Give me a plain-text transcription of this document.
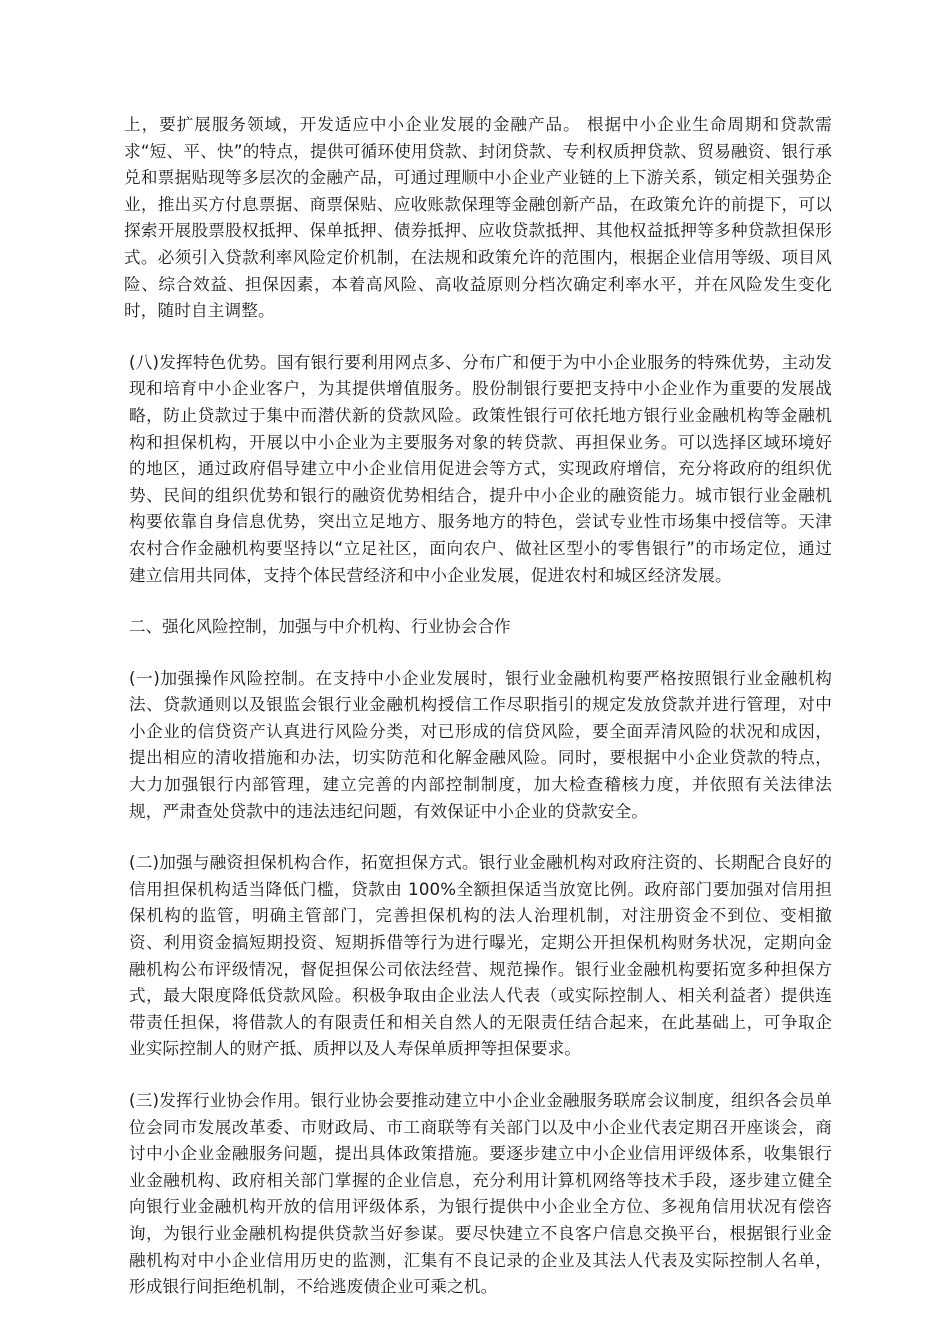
上，要扩展服务领域，开发适应中小企业发展的金融产品。 根据中小企业生命周期和贷款需求“短、平、快”的特点，提供可循环使用贷款、封闭贷款、专利权质押贷款、贸易融资、银行承兑和票据贴现等多层次的金融产品，可通过理顺中小企业产业链的上下游关系，锁定相关强势企业，推出买方付息票据、商票保贴、应收账款保理等金融创新产品，在政策允许的前提下，可以探索开展股票股权抵押、保单抵押、债券抵押、应收贷款抵押、其他权益抵押等多种贷款担保形式。必须引入贷款利率风险定价机制，在法规和政策允许的范围内，根据企业信用等级、项目风险、综合效益、担保因素，本着高风险、高收益原则分档次确定利率水平，并在风险发生变化时，随时自主调整。

(八)发挥特色优势。国有银行要利用网点多、分布广和便于为中小企业服务的特殊优势，主动发现和培育中小企业客户，为其提供增值服务。股份制银行要把支持中小企业作为重要的发展战略，防止贷款过于集中而潜伏新的贷款风险。政策性银行可依托地方银行业金融机构等金融机构和担保机构，开展以中小企业为主要服务对象的转贷款、再担保业务。可以选择区域环境好的地区，通过政府倡导建立中小企业信用促进会等方式，实现政府增信，充分将政府的组织优势、民间的组织优势和银行的融资优势相结合，提升中小企业的融资能力。城市银行业金融机构要依靠自身信息优势，突出立足地方、服务地方的特色，尝试专业性市场集中授信等。天津农村合作金融机构要坚持以“立足社区，面向农户、做社区型小的零售银行”的市场定位，通过建立信用共同体，支持个体民营经济和中小企业发展，促进农村和城区经济发展。

二、强化风险控制，加强与中介机构、行业协会合作

(一)加强操作风险控制。在支持中小企业发展时，银行业金融机构要严格按照银行业金融机构法、贷款通则以及银监会银行业金融机构授信工作尽职指引的规定发放贷款并进行管理，对中小企业的信贷资产认真进行风险分类，对已形成的信贷风险，要全面弄清风险的状况和成因，提出相应的清收措施和办法，切实防范和化解金融风险。同时，要根据中小企业贷款的特点，大力加强银行内部管理，建立完善的内部控制制度，加大检查稽核力度，并依照有关法律法规，严肃查处贷款中的违法违纪问题，有效保证中小企业的贷款安全。

(二)加强与融资担保机构合作，拓宽担保方式。银行业金融机构对政府注资的、长期配合良好的信用担保机构适当降低门槛，贷款由 100%全额担保适当放宽比例。政府部门要加强对信用担保机构的监管，明确主管部门，完善担保机构的法人治理机制，对注册资金不到位、变相撤资、利用资金搞短期投资、短期拆借等行为进行曝光，定期公开担保机构财务状况，定期向金融机构公布评级情况，督促担保公司依法经营、规范操作。银行业金融机构要拓宽多种担保方式，最大限度降低贷款风险。积极争取由企业法人代表（或实际控制人、相关利益者）提供连带责任担保，将借款人的有限责任和相关自然人的无限责任结合起来，在此基础上，可争取企业实际控制人的财产抵、质押以及人寿保单质押等担保要求。

(三)发挥行业协会作用。银行业协会要推动建立中小企业金融服务联席会议制度，组织各会员单位会同市发展改革委、市财政局、市工商联等有关部门以及中小企业代表定期召开座谈会，商讨中小企业金融服务问题，提出具体政策措施。要逐步建立中小企业信用评级体系，收集银行业金融机构、政府相关部门掌握的企业信息，充分利用计算机网络等技术手段，逐步建立健全向银行业金融机构开放的信用评级体系，为银行提供中小企业全方位、多视角信用状况有偿咨询，为银行业金融机构提供贷款当好参谋。要尽快建立不良客户信息交换平台，根据银行业金融机构对中小企业信用历史的监测，汇集有不良记录的企业及其法人代表及实际控制人名单，形成银行间拒绝机制，不给逃废债企业可乘之机。
